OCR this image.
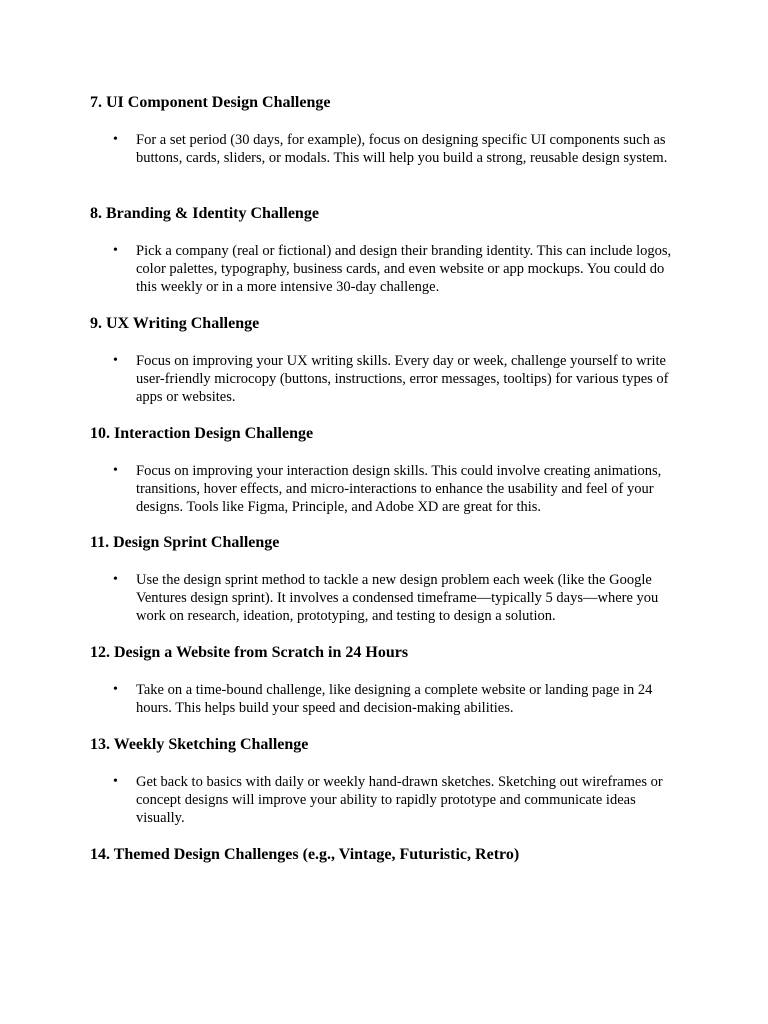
7. UI Component Design Challenge
• For a set period (30 days, for example), focus on designing specific UI components such as buttons, cards, sliders, or modals. This will help you build a strong, reusable design system.
8. Branding & Identity Challenge
• Pick a company (real or fictional) and design their branding identity. This can include logos, color palettes, typography, business cards, and even website or app mockups. You could do this weekly or in a more intensive 30-day challenge.
9. UX Writing Challenge
• Focus on improving your UX writing skills. Every day or week, challenge yourself to write user-friendly microcopy (buttons, instructions, error messages, tooltips) for various types of apps or websites.
10. Interaction Design Challenge
• Focus on improving your interaction design skills. This could involve creating animations, transitions, hover effects, and micro-interactions to enhance the usability and feel of your designs. Tools like Figma, Principle, and Adobe XD are great for this.
11. Design Sprint Challenge
• Use the design sprint method to tackle a new design problem each week (like the Google Ventures design sprint). It involves a condensed timeframe—typically 5 days—where you work on research, ideation, prototyping, and testing to design a solution.
12. Design a Website from Scratch in 24 Hours
• Take on a time-bound challenge, like designing a complete website or landing page in 24 hours. This helps build your speed and decision-making abilities.
13. Weekly Sketching Challenge
• Get back to basics with daily or weekly hand-drawn sketches. Sketching out wireframes or concept designs will improve your ability to rapidly prototype and communicate ideas visually.
14. Themed Design Challenges (e.g., Vintage, Futuristic, Retro)
